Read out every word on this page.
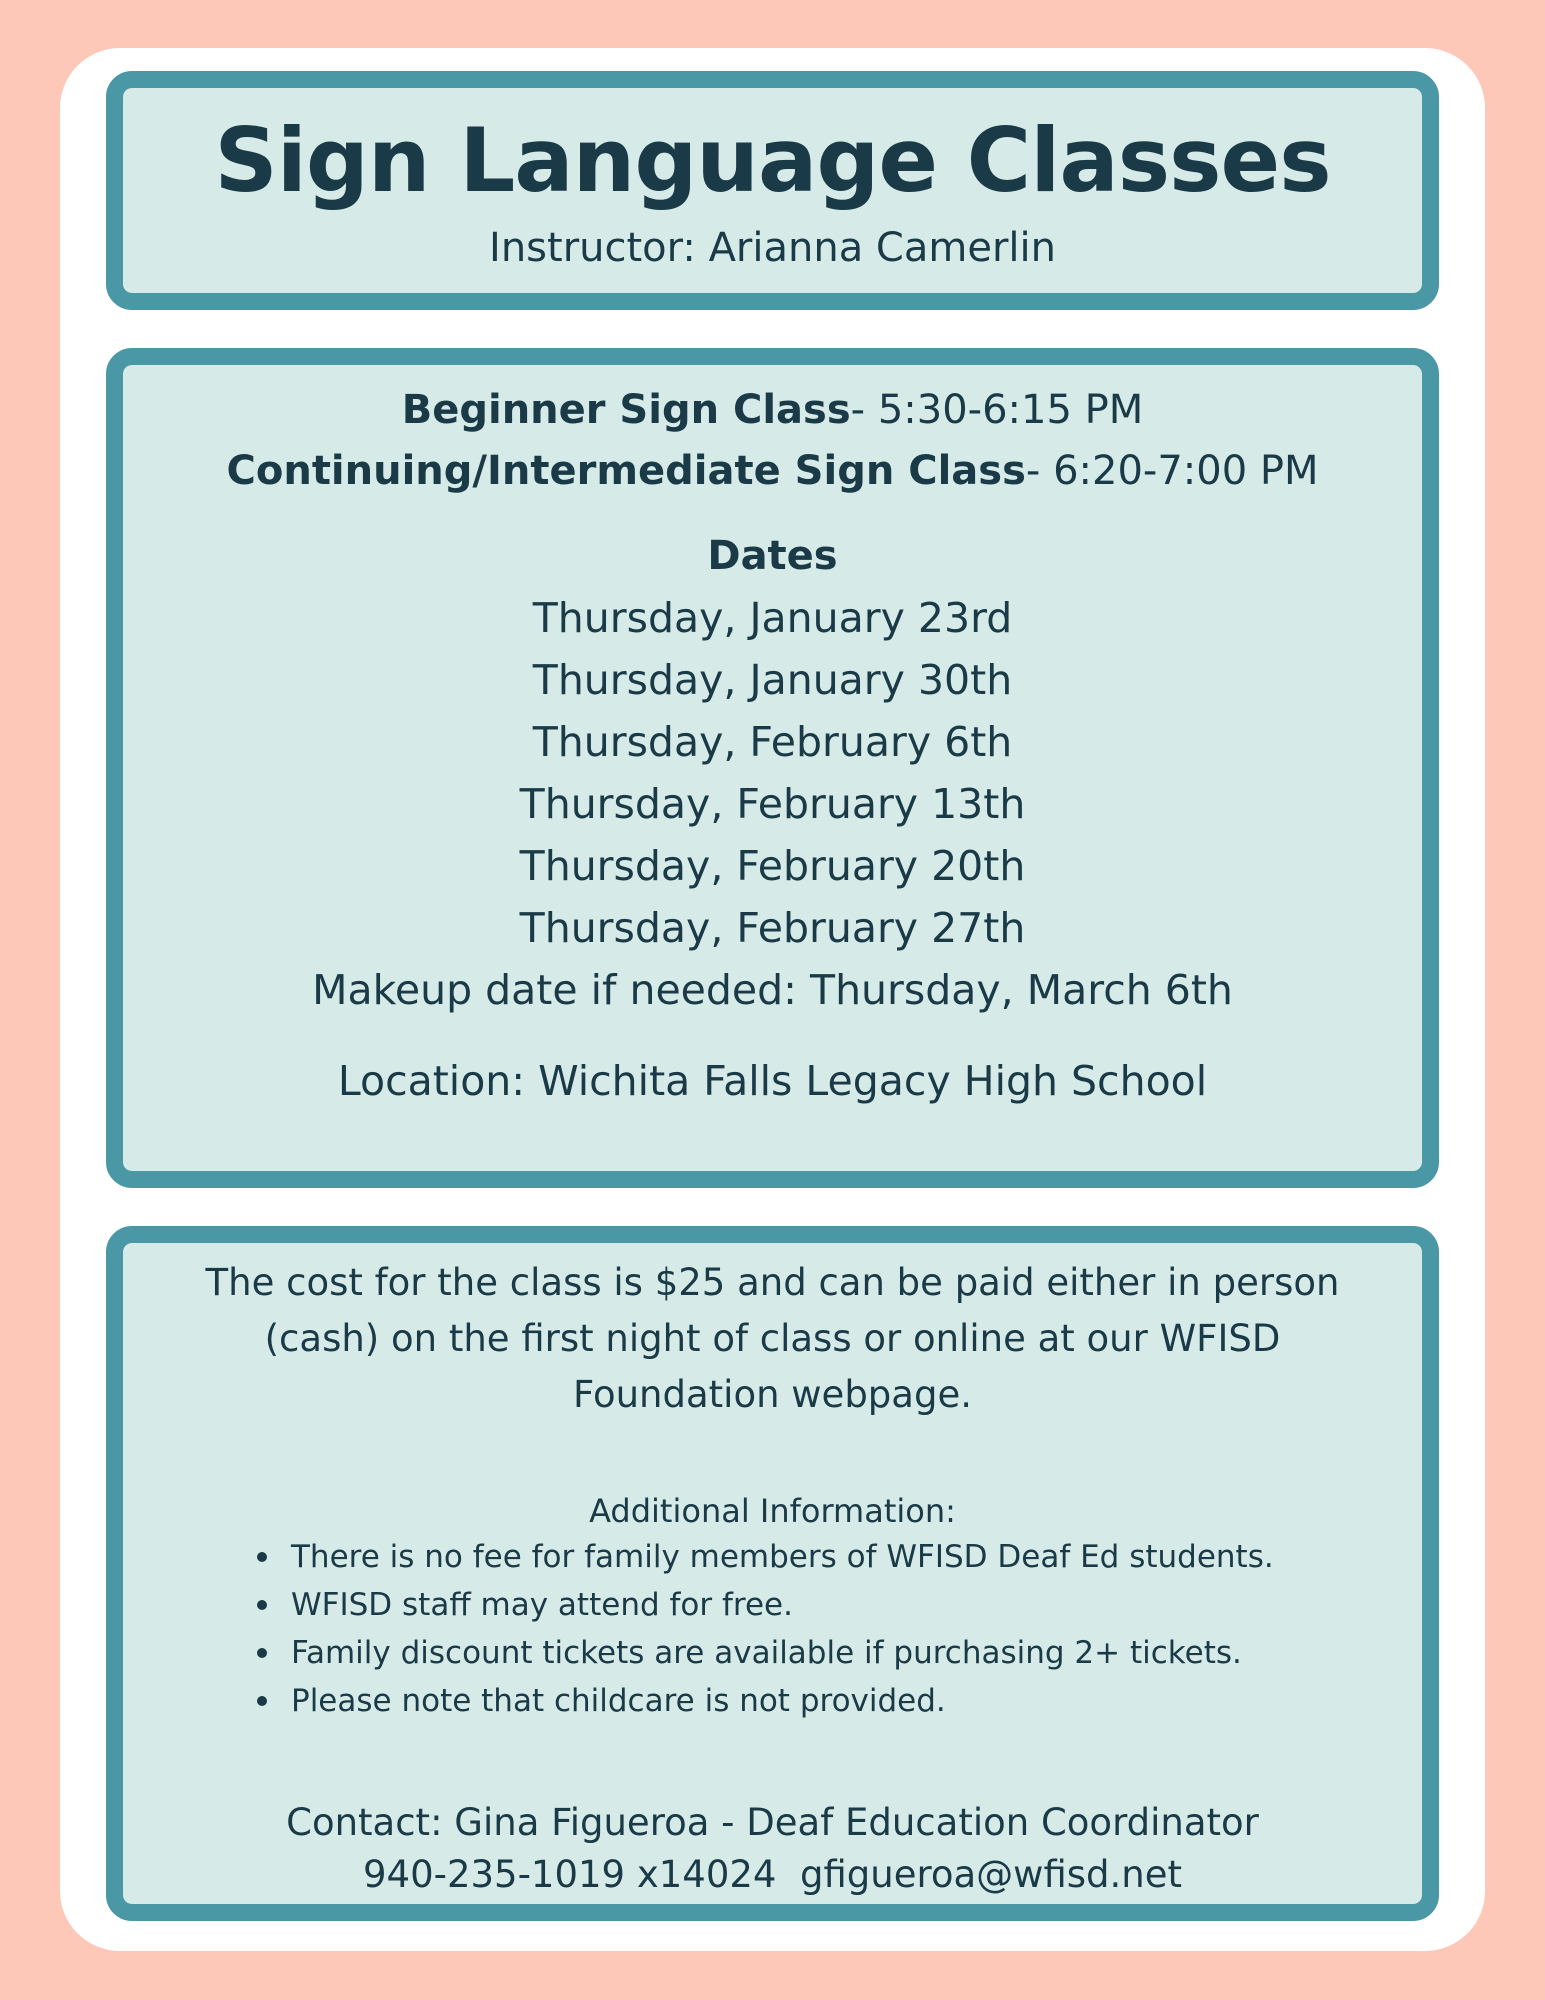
Sign Language Classes
Instructor: Arianna Camerlin
Beginner Sign Class- 5:30-6:15 PM
Continuing/Intermediate Sign Class- 6:20-7:00 PM
Dates
Thursday, January 23rd
Thursday, January 30th
Thursday, February 6th
Thursday, February 13th
Thursday, February 20th
Thursday, February 27th
Makeup date if needed: Thursday, March 6th
Location: Wichita Falls Legacy High School
The cost for the class is $25 and can be paid either in person (cash) on the first night of class or online at our WFISD Foundation webpage.
Additional Information:
There is no fee for family members of WFISD Deaf Ed students.
WFISD staff may attend for free.
Family discount tickets are available if purchasing 2+ tickets.
Please note that childcare is not provided.
Contact: Gina Figueroa - Deaf Education Coordinator
940-235-1019 x14024  gfigueroa@wfisd.net
